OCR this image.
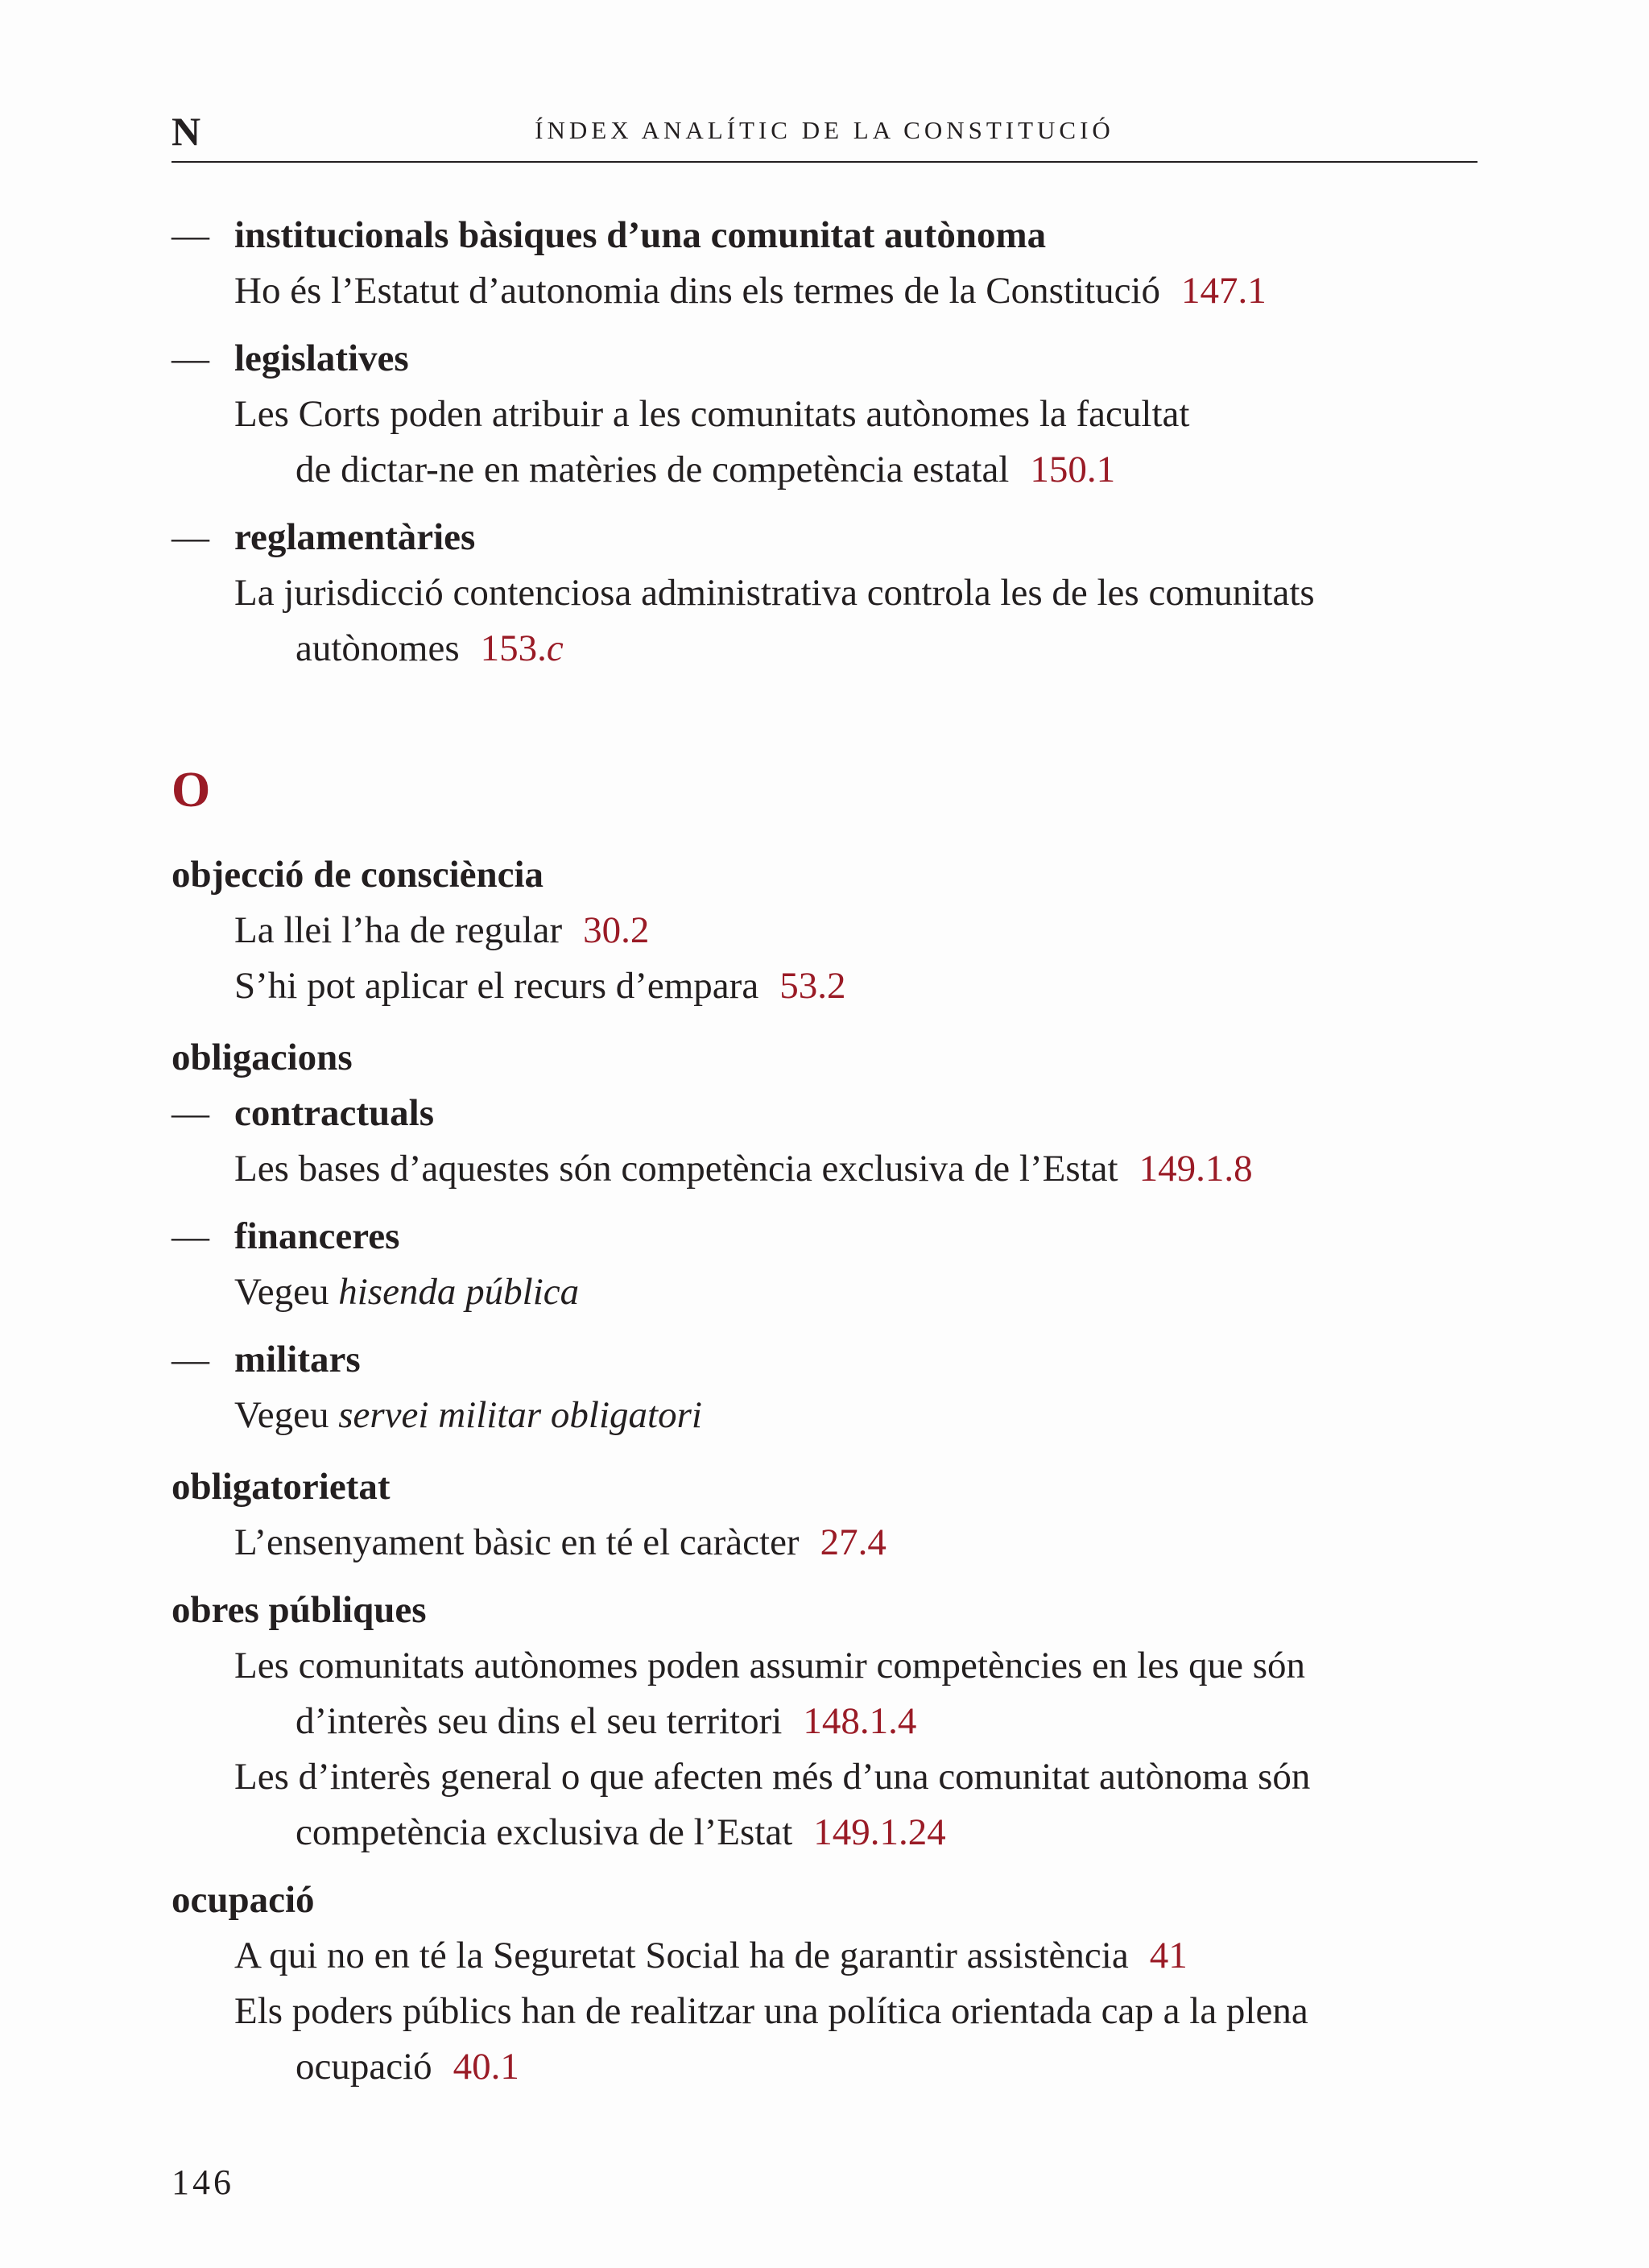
N	ÍNDEX ANALÍTIC DE LA CONSTITUCIÓ
— institucionals bàsiques d’una comunitat autònoma
Ho és l’Estatut d’autonomia dins els termes de la Constitució 147.1
— legislatives
Les Corts poden atribuir a les comunitats autònomes la facultat
de dictar-ne en matèries de competència estatal 150.1
— reglamentàries
La jurisdicció contenciosa administrativa controla les de les comunitats
autònomes 153.c
O
objecció de consciència
La llei l’ha de regular 30.2
S’hi pot aplicar el recurs d’empara 53.2
obligacions
— contractuals
Les bases d’aquestes són competència exclusiva de l’Estat 149.1.8
— financeres
Vegeu hisenda pública
— militars
Vegeu servei militar obligatori
obligatorietat
L’ensenyament bàsic en té el caràcter 27.4
obres públiques
Les comunitats autònomes poden assumir competències en les que són
d’interès seu dins el seu territori 148.1.4
Les d’interès general o que afecten més d’una comunitat autònoma són
competència exclusiva de l’Estat 149.1.24
ocupació
A qui no en té la Seguretat Social ha de garantir assistència 41
Els poders públics han de realitzar una política orientada cap a la plena
ocupació 40.1
146
